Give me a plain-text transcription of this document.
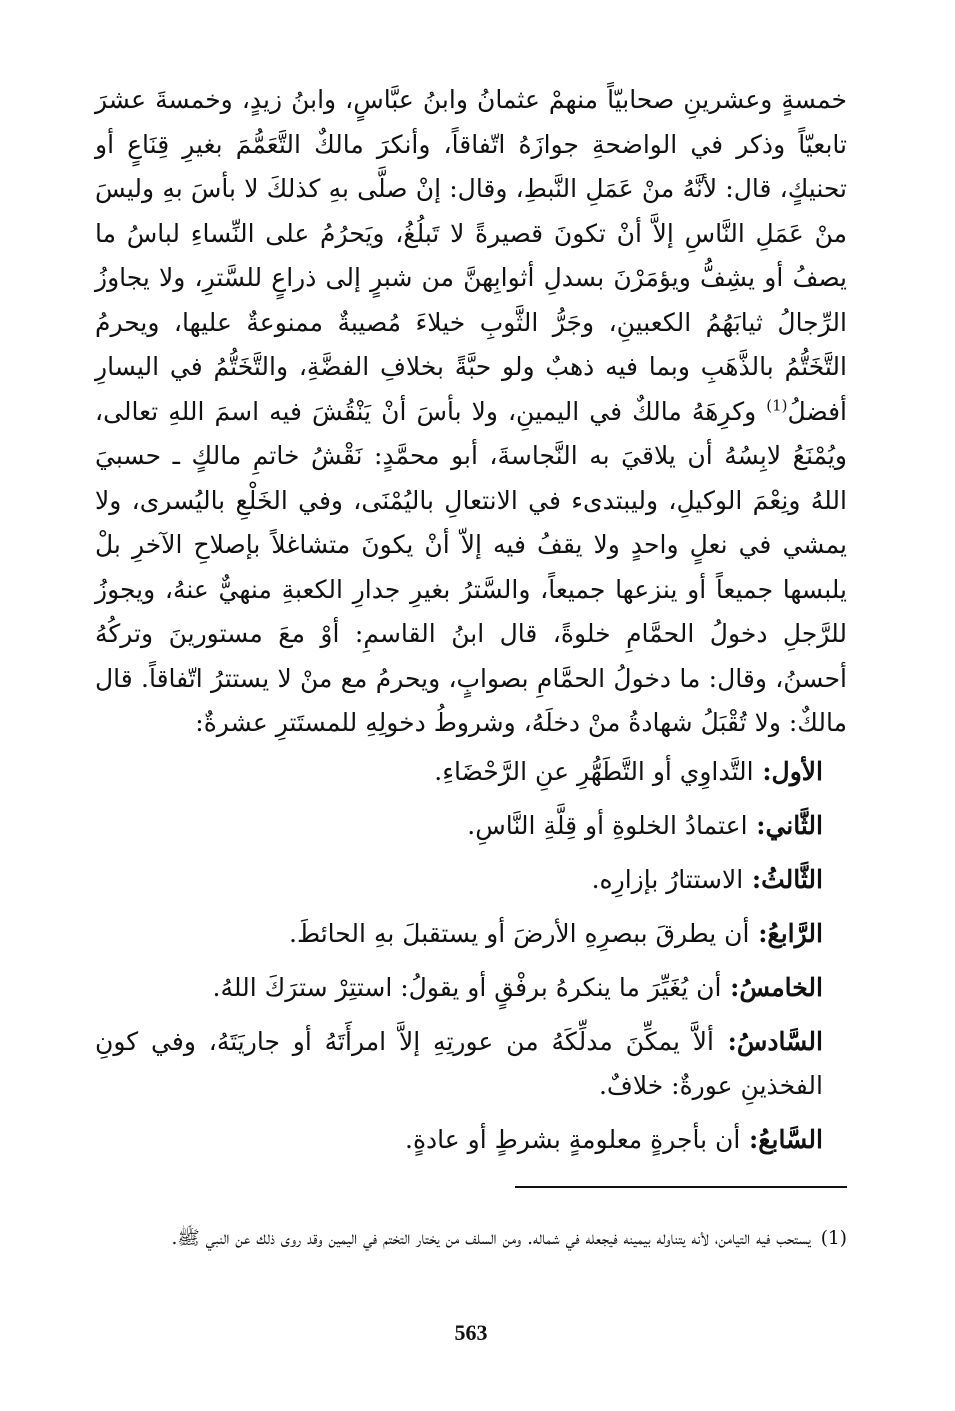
خمسةٍ وعشرينِ صحابيّاً منهمْ عثمانُ وابنُ عبَّاسٍ، وابنُ زيدٍ، وخمسةَ عشرَ تابعيّاً وذكر في الواضحةِ جوازَهُ اتّفاقاً، وأنكرَ مالكٌ التَّعَمُّمَ بغيرِ قِنَاعٍ أو تحنيكٍ، قال: لأنَّهُ منْ عَمَلِ النَّبطِ، وقال: إنْ صلَّى بهِ كذلكَ لا بأسَ بهِ وليسَ منْ عَمَلِ النَّاسِ إلاَّ أنْ تكونَ قصيرةً لا تَبلُغُ، ويَحرُمُ على النِّساءِ لباسُ ما يصفُ أو يشِفُّ ويؤمَرْنَ بسدلِ أثوابِهنَّ من شبرٍ إلى ذراعٍ للسَّترِ، ولا يجاوزُ الرِّجالُ ثيابَهُمُ الكعبينِ، وجَرُّ الثَّوبِ خيلاءَ مُصيبةٌ ممنوعةٌ عليها، ويحرمُ التَّخَتُّمُ بالذَّهَبِ وبما فيه ذهبٌ ولو حبَّةً بخلافِ الفضَّةِ، والتَّخَتُّمُ في اليسارِ أفضلُ$^{(1)}$ وكرِهَهُ مالكٌ في اليمينِ، ولا بأسَ أنْ يَنْقُشَ فيه اسمَ اللهِ تعالى، ويُمْنَعُ لابِسُهُ أن يلاقيَ به النَّجاسةَ، أبو محمَّدٍ: نَقْشُ خاتمِ مالكٍ ـ حسبيَ اللهُ ونِعْمَ الوكيلِ، وليبتدىء في الانتعالِ باليُمْنَى، وفي الخَلْعِ باليُسرى، ولا يمشي في نعلٍ واحدٍ ولا يقفُ فيه إلاّ أنْ يكونَ متشاغلاً بإصلاحِ الآخرِ بلْ يلبسها جميعاً أو ينزعها جميعاً، والسَّترُ بغيرِ جدارِ الكعبةِ منهيٌّ عنهُ، ويجوزُ للرَّجلِ دخولُ الحمَّامِ خلوةً، قال ابنُ القاسمِ: أوْ معَ مستورينَ وتركُهُ أحسنُ، وقال: ما دخولُ الحمَّامِ بصوابٍ، ويحرمُ مع منْ لا يستترُ اتّفاقاً. قال مالكٌ: ولا تُقْبَلُ شهادةُ منْ دخلَهُ، وشروطُ دخولِهِ للمستَترِ عشرةٌ:

الأول: التَّداوِي أو التَّطَهُّرِ عنِ الرَّحْضَاءِ.

الثَّاني: اعتمادُ الخلوةِ أو قِلَّةِ النَّاسِ.

الثَّالثُ: الاستتارُ بإزارِه.

الرَّابعُ: أن يطرقَ ببصرِهِ الأرضَ أو يستقبلَ بهِ الحائطَ.

الخامسُ: أن يُغَيِّرَ ما ينكرهُ برفْقٍ أو يقولُ: استتِرْ سترَكَ اللهُ.

السَّادسُ: ألاَّ يمكِّنَ مدلِّكَهُ من عورتِهِ إلاَّ امرأَتَهُ أو جاريَتَهُ، وفي كونِ الفخذينِ عورةٌ: خلافٌ.

السَّابعُ: أن بأجرةٍ معلومةٍ بشرطٍ أو عادةٍ.

(1)يستحب فيه التيامن، لأنه يتناوله بيمينه فيجعله في شماله. ومن السلف من يختار التختم في اليمين وقد روى ذلك عن النبي ﷺ.

563
